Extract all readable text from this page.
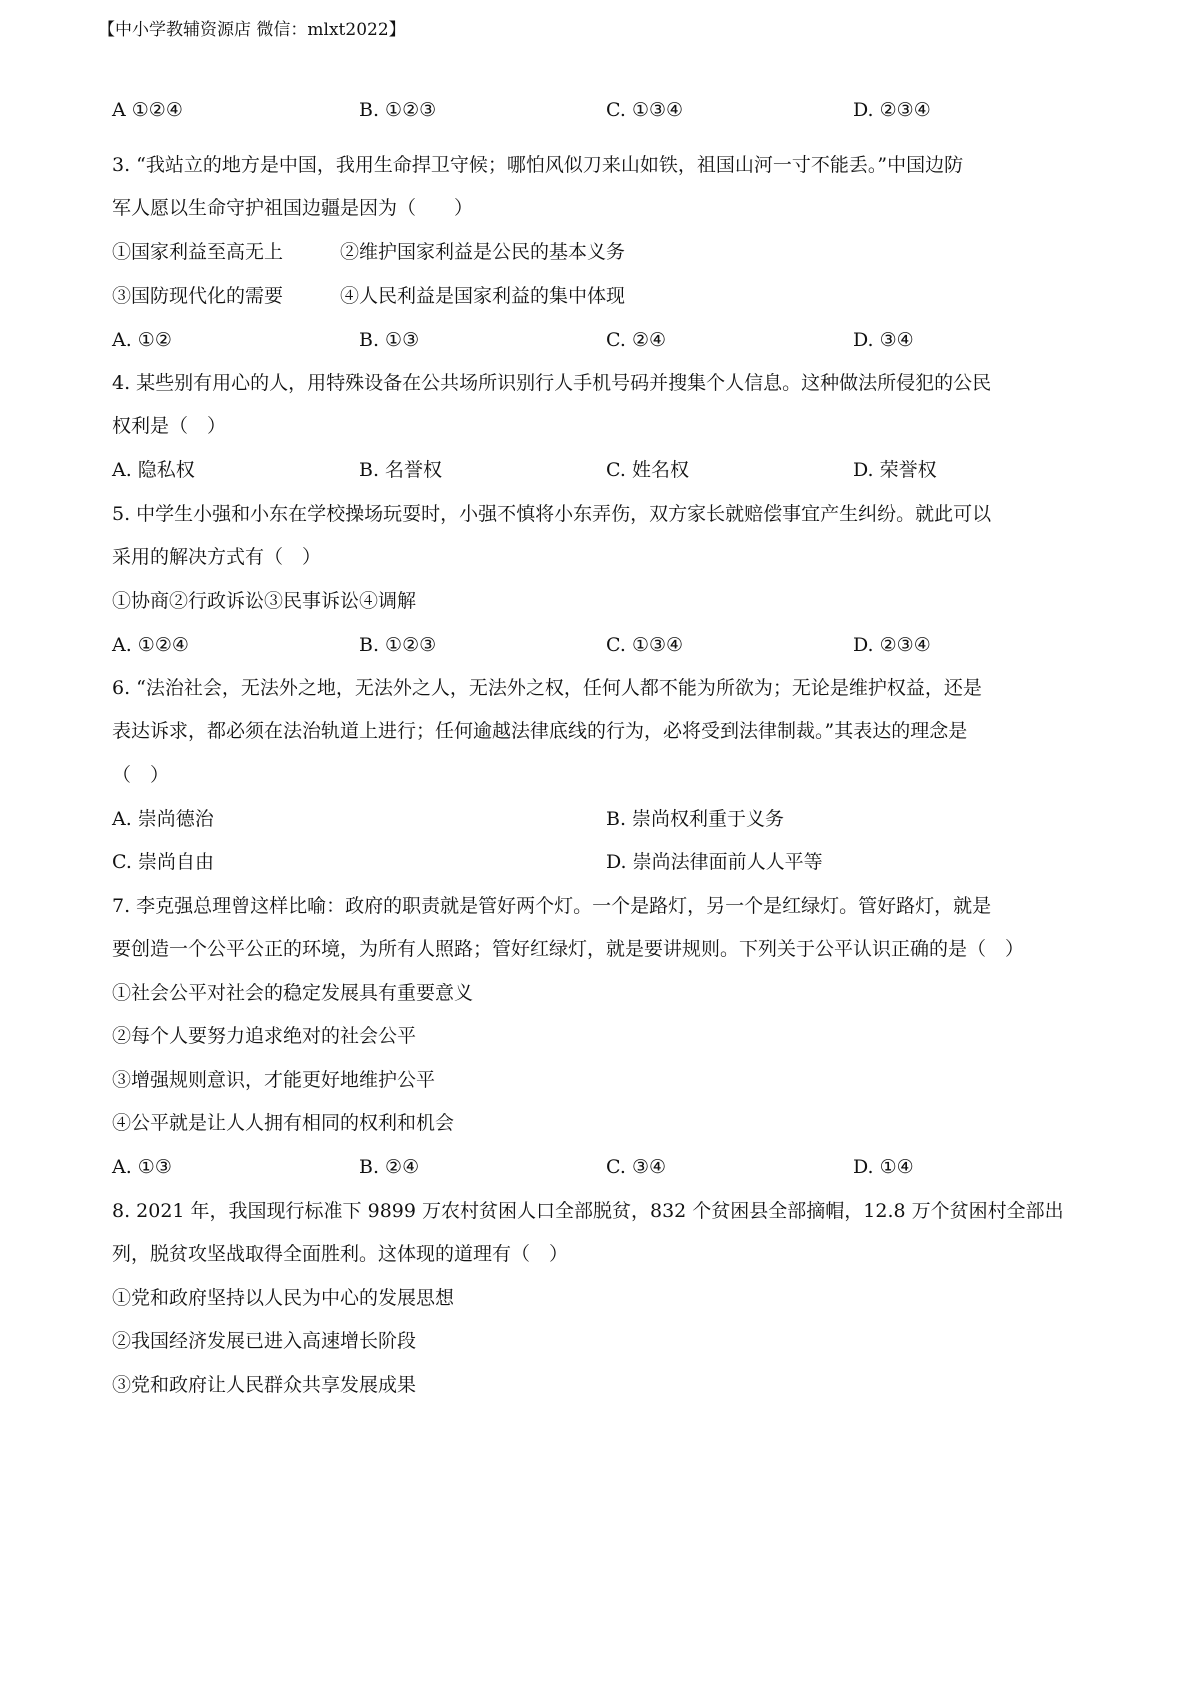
【中小学教辅资源店 微信：mlxt2022】
A ①②④	B. ①②③	C. ①③④	D. ②③④
3. “我站立的地方是中国，我用生命捍卫守候；哪怕风似刀来山如铁，祖国山河一寸不能丢。”中国边防
军人愿以生命守护祖国边疆是因为（　　）
①国家利益至高无上　　　②维护国家利益是公民的基本义务
③国防现代化的需要　　　④人民利益是国家利益的集中体现
A. ①②	B. ①③	C. ②④	D. ③④
4. 某些别有用心的人，用特殊设备在公共场所识别行人手机号码并搜集个人信息。这种做法所侵犯的公民
权利是（　）
A. 隐私权	B. 名誉权	C. 姓名权	D. 荣誉权
5. 中学生小强和小东在学校操场玩耍时，小强不慎将小东弄伤，双方家长就赔偿事宜产生纠纷。就此可以
采用的解决方式有（　）
①协商②行政诉讼③民事诉讼④调解
A. ①②④	B. ①②③	C. ①③④	D. ②③④
6. “法治社会，无法外之地，无法外之人，无法外之权，任何人都不能为所欲为；无论是维护权益，还是
表达诉求，都必须在法治轨道上进行；任何逾越法律底线的行为，必将受到法律制裁。”其表达的理念是
（　）
A. 崇尚德治	B. 崇尚权利重于义务
C. 崇尚自由	D. 崇尚法律面前人人平等
7. 李克强总理曾这样比喻：政府的职责就是管好两个灯。一个是路灯，另一个是红绿灯。管好路灯，就是
要创造一个公平公正的环境，为所有人照路；管好红绿灯，就是要讲规则。下列关于公平认识正确的是（　）
①社会公平对社会的稳定发展具有重要意义
②每个人要努力追求绝对的社会公平
③增强规则意识，才能更好地维护公平
④公平就是让人人拥有相同的权利和机会
A. ①③	B. ②④	C. ③④	D. ①④
8. 2021 年，我国现行标准下 9899 万农村贫困人口全部脱贫，832 个贫困县全部摘帽，12.8 万个贫困村全部出
列，脱贫攻坚战取得全面胜利。这体现的道理有（　）
①党和政府坚持以人民为中心的发展思想
②我国经济发展已进入高速增长阶段
③党和政府让人民群众共享发展成果
